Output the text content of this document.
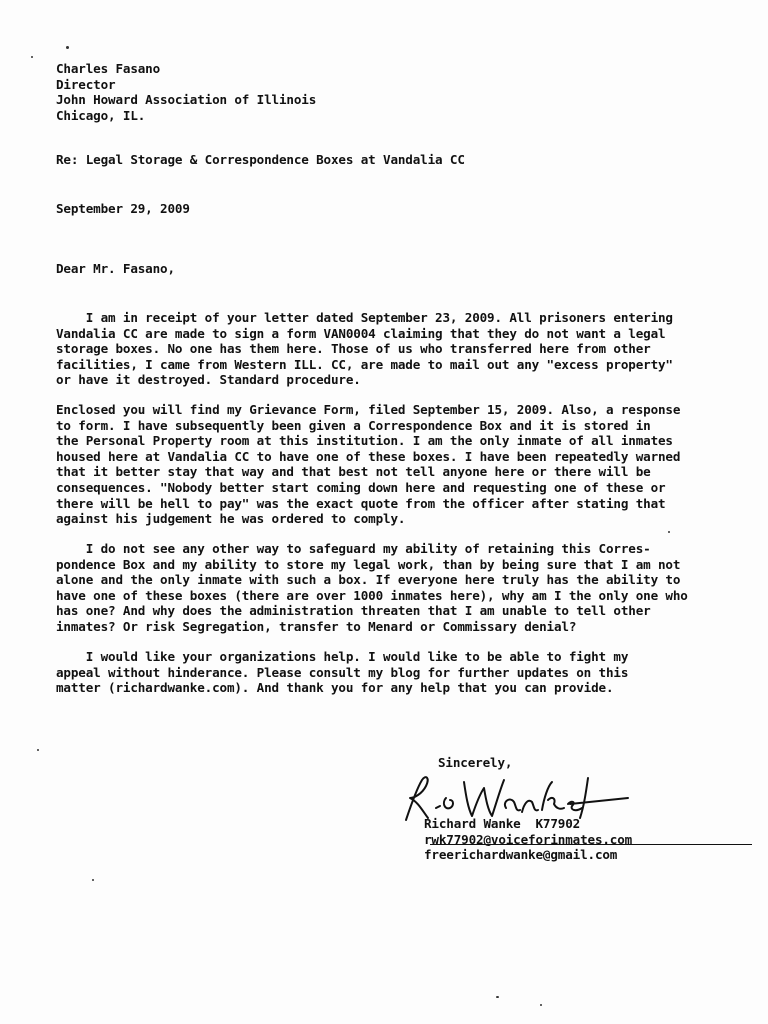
Charles Fasano
Director
John Howard Association of Illinois
Chicago, IL.
Re: Legal Storage & Correspondence Boxes at Vandalia CC
September 29, 2009
Dear Mr. Fasano,
I am in receipt of your letter dated September 23, 2009. All prisoners entering
Vandalia CC are made to sign a form VAN0004 claiming that they do not want a legal
storage boxes. No one has them here. Those of us who transferred here from other
facilities, I came from Western ILL. CC, are made to mail out any "excess property"
or have it destroyed. Standard procedure.
Enclosed you will find my Grievance Form, filed September 15, 2009. Also, a response
to form. I have subsequently been given a Correspondence Box and it is stored in
the Personal Property room at this institution. I am the only inmate of all inmates
housed here at Vandalia CC to have one of these boxes. I have been repeatedly warned
that it better stay that way and that best not tell anyone here or there will be
consequences. "Nobody better start coming down here and requesting one of these or
there will be hell to pay" was the exact quote from the officer after stating that
against his judgement he was ordered to comply.
I do not see any other way to safeguard my ability of retaining this Corres-
pondence Box and my ability to store my legal work, than by being sure that I am not
alone and the only inmate with such a box. If everyone here truly has the ability to
have one of these boxes (there are over 1000 inmates here), why am I the only one who
has one? And why does the administration threaten that I am unable to tell other
inmates? Or risk Segregation, transfer to Menard or Commissary denial?
I would like your organizations help. I would like to be able to fight my
appeal without hinderance. Please consult my blog for further updates on this
matter (richardwanke.com). And thank you for any help that you can provide.
Sincerely,
Richard Wanke  K77902
rwk77902@voiceforinmates.com
freerichardwanke@gmail.com
